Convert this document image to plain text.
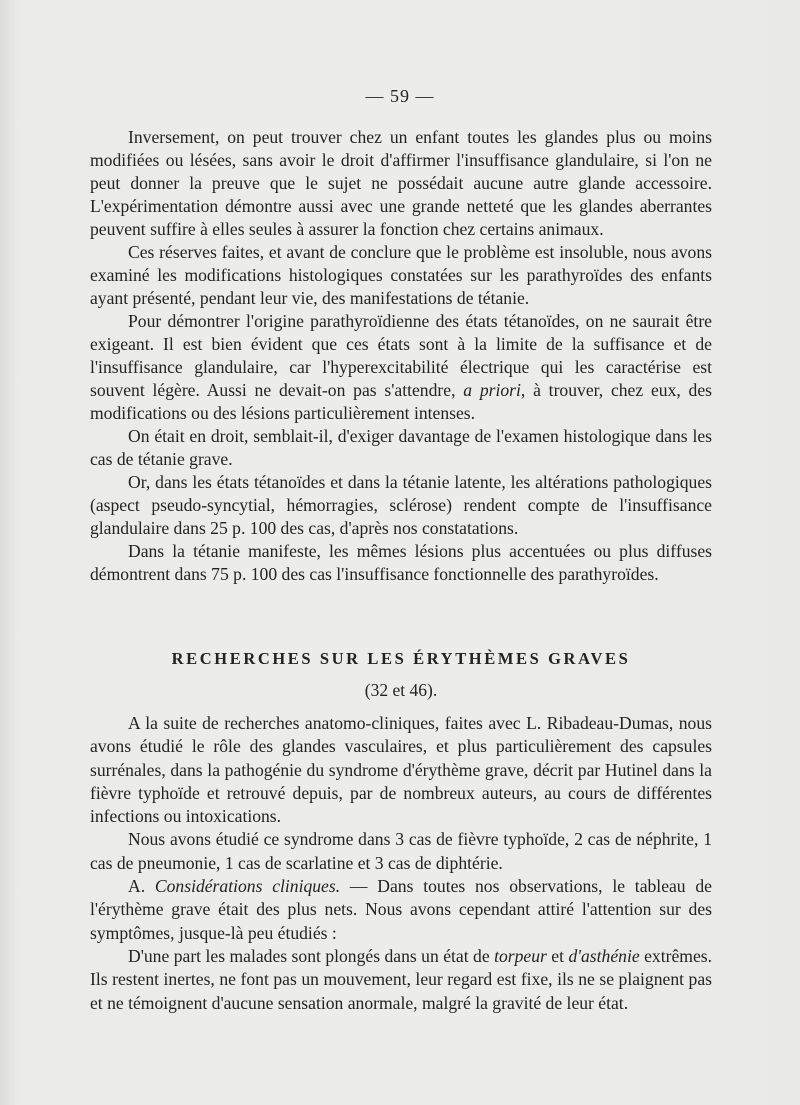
— 59 —

Inversement, on peut trouver chez un enfant toutes les glandes plus ou moins modifiées ou lésées, sans avoir le droit d'affirmer l'insuffisance glandulaire, si l'on ne peut donner la preuve que le sujet ne possédait aucune autre glande accessoire. L'expérimentation démontre aussi avec une grande netteté que les glandes aberrantes peuvent suffire à elles seules à assurer la fonction chez certains animaux.

Ces réserves faites, et avant de conclure que le problème est insoluble, nous avons examiné les modifications histologiques constatées sur les parathyroïdes des enfants ayant présenté, pendant leur vie, des manifestations de tétanie.

Pour démontrer l'origine parathyroïdienne des états tétanoïdes, on ne saurait être exigeant. Il est bien évident que ces états sont à la limite de la suffisance et de l'insuffisance glandulaire, car l'hyperexcitabilité électrique qui les caractérise est souvent légère. Aussi ne devait-on pas s'attendre, a priori, à trouver, chez eux, des modifications ou des lésions particulièrement intenses.

On était en droit, semblait-il, d'exiger davantage de l'examen histologique dans les cas de tétanie grave.

Or, dans les états tétanoïdes et dans la tétanie latente, les altérations pathologiques (aspect pseudo-syncytial, hémorragies, sclérose) rendent compte de l'insuffisance glandulaire dans 25 p. 100 des cas, d'après nos constatations.

Dans la tétanie manifeste, les mêmes lésions plus accentuées ou plus diffuses démontrent dans 75 p. 100 des cas l'insuffisance fonctionnelle des parathyroïdes.

RECHERCHES SUR LES ÉRYTHÈMES GRAVES
(32 et 46).

A la suite de recherches anatomo-cliniques, faites avec L. Ribadeau-Dumas, nous avons étudié le rôle des glandes vasculaires, et plus particulièrement des capsules surrénales, dans la pathogénie du syndrome d'érythème grave, décrit par Hutinel dans la fièvre typhoïde et retrouvé depuis, par de nombreux auteurs, au cours de différentes infections ou intoxications.

Nous avons étudié ce syndrome dans 3 cas de fièvre typhoïde, 2 cas de néphrite, 1 cas de pneumonie, 1 cas de scarlatine et 3 cas de diphtérie.

A. Considérations cliniques. — Dans toutes nos observations, le tableau de l'érythème grave était des plus nets. Nous avons cependant attiré l'attention sur des symptômes, jusque-là peu étudiés :

D'une part les malades sont plongés dans un état de torpeur et d'asthénie extrêmes. Ils restent inertes, ne font pas un mouvement, leur regard est fixe, ils ne se plaignent pas et ne témoignent d'aucune sensation anormale, malgré la gravité de leur état.
